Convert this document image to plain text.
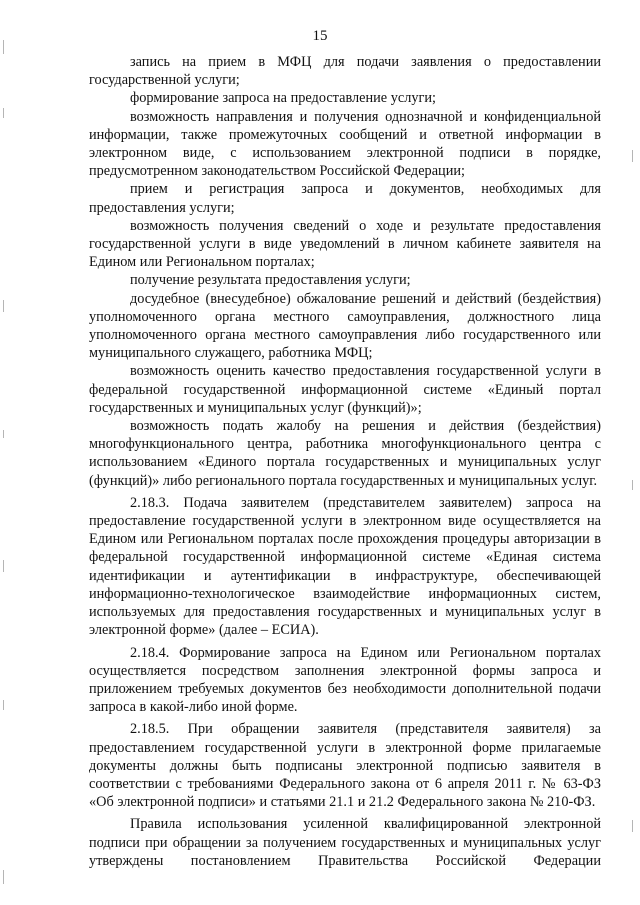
15

запись на прием в МФЦ для подачи заявления о предоставлении государственной услуги;

формирование запроса на предоставление услуги;

возможность направления и получения однозначной и конфиденциальной информации, также промежуточных сообщений и ответной информации в электронном виде, с использованием электронной подписи в порядке, предусмотренном законодательством Российской Федерации;

прием и регистрация запроса и документов, необходимых для предоставления услуги;

возможность получения сведений о ходе и результате предоставления государственной услуги в виде уведомлений в личном кабинете заявителя на Едином или Региональном порталах;

получение результата предоставления услуги;

досудебное (внесудебное) обжалование решений и действий (бездействия) уполномоченного органа местного самоуправления, должностного лица уполномоченного органа местного самоуправления либо государственного или муниципального служащего, работника МФЦ;

возможность оценить качество предоставления государственной услуги в федеральной государственной информационной системе «Единый портал государственных и муниципальных услуг (функций)»;

возможность подать жалобу на решения и действия (бездействия) многофункционального центра, работника многофункционального центра с использованием «Единого портала государственных и муниципальных услуг (функций)» либо регионального портала государственных и муниципальных услуг.

2.18.3. Подача заявителем (представителем заявителем) запроса на предоставление государственной услуги в электронном виде осуществляется на Едином или Региональном порталах после прохождения процедуры авторизации в федеральной государственной информационной системе «Единая система идентификации и аутентификации в инфраструктуре, обеспечивающей информационно-технологическое взаимодействие информационных систем, используемых для предоставления государственных и муниципальных услуг в электронной форме» (далее – ЕСИА).

2.18.4. Формирование запроса на Едином или Региональном порталах осуществляется посредством заполнения электронной формы запроса и приложением требуемых документов без необходимости дополнительной подачи запроса в какой-либо иной форме.

2.18.5. При обращении заявителя (представителя заявителя) за предоставлением государственной услуги в электронной форме прилагаемые документы должны быть подписаны электронной подписью заявителя в соответствии с требованиями Федерального закона от 6 апреля 2011 г. № 63-ФЗ «Об электронной подписи» и статьями 21.1 и 21.2 Федерального закона № 210-ФЗ.

Правила использования усиленной квалифицированной электронной подписи при обращении за получением государственных и муниципальных услуг утверждены постановлением Правительства Российской Федерации
